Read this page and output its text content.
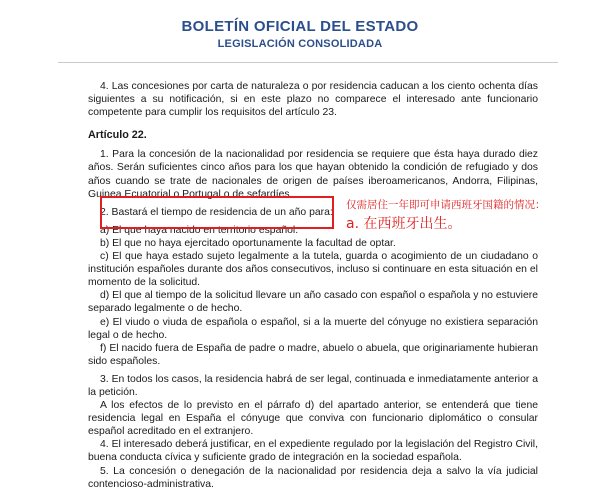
BOLETÍN OFICIAL DEL ESTADO
LEGISLACIÓN CONSOLIDADA

4. Las concesiones por carta de naturaleza o por residencia caducan a los ciento ochenta días siguientes a su notificación, si en este plazo no comparece el interesado ante funcionario competente para cumplir los requisitos del artículo 23.

Artículo 22.

1. Para la concesión de la nacionalidad por residencia se requiere que ésta haya durado diez años. Serán suficientes cinco años para los que hayan obtenido la condición de refugiado y dos años cuando se trate de nacionales de origen de países iberoamericanos, Andorra, Filipinas, Guinea Ecuatorial o Portugal o de sefardíes.

2. Bastará el tiempo de residencia de un año para:

a) El que haya nacido en territorio español.

b) El que no haya ejercitado oportunamente la facultad de optar.

c) El que haya estado sujeto legalmente a la tutela, guarda o acogimiento de un ciudadano o institución españoles durante dos años consecutivos, incluso si continuare en esta situación en el momento de la solicitud.

d) El que al tiempo de la solicitud llevare un año casado con español o española y no estuviere separado legalmente o de hecho.

e) El viudo o viuda de española o español, si a la muerte del cónyuge no existiera separación legal o de hecho.

f) El nacido fuera de España de padre o madre, abuelo o abuela, que originariamente hubieran sido españoles.

3. En todos los casos, la residencia habrá de ser legal, continuada e inmediatamente anterior a la petición.

A los efectos de lo previsto en el párrafo d) del apartado anterior, se entenderá que tiene residencia legal en España el cónyuge que conviva con funcionario diplomático o consular español acreditado en el extranjero.

4. El interesado deberá justificar, en el expediente regulado por la legislación del Registro Civil, buena conducta cívica y suficiente grado de integración en la sociedad española.

5. La concesión o denegación de la nacionalidad por residencia deja a salvo la vía judicial contencioso-administrativa.

仅需居住一年即可申请西班牙国籍的情况：
a. 在西班牙出生。
